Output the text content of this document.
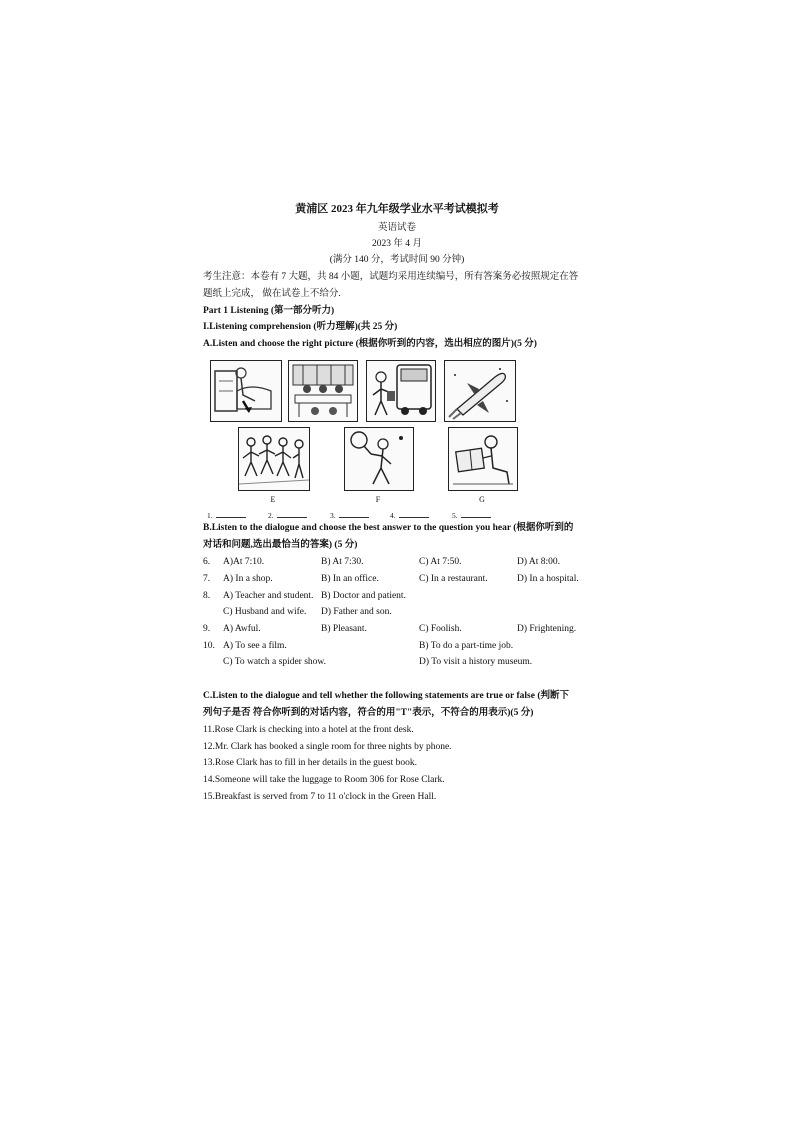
黄浦区 2023 年九年级学业水平考试模拟考
英语试卷
2023 年 4 月
(满分 140 分，考试时间 90 分钟)
考生注意：本卷有 7 大题，共 84 小题，试题均采用连续编号，所有答案务必按照规定在答
题纸上完成， 做在试卷上不给分.
Part 1 Listening (第一部分听力)
I.Listening comprehension (听力理解)(共 25 分)
A.Listen and choose the right picture (根据你听到的内容，选出相应的图片)(5 分)
E	F	G
1.	2.	3.	4.	5.
B.Listen to the dialogue and choose the best answer to the question you hear (根据你听到的
对话和问题,选出最恰当的答案) (5 分)
6. A)At 7:10.	B) At 7:30.	C) At 7:50.	D) At 8:00.
7. A) In a shop.	B) In an office.	C) In a restaurant.	D) In a hospital.
8. A) Teacher and student. B) Doctor and patient.
C) Husband and wife. D) Father and son.
9. A) Awful.	B) Pleasant.	C) Foolish.	D) Frightening.
10. A) To see a film.	B) To do a part-time job.
C) To watch a spider show.	D) To visit a history museum.
C.Listen to the dialogue and tell whether the following statements are true or false (判断下
列句子是否 符合你听到的对话内容，符合的用"T"表示，不符合的用表示)(5 分)
11.Rose Clark is checking into a hotel at the front desk.
12.Mr. Clark has booked a single room for three nights by phone.
13.Rose Clark has to fill in her details in the guest book.
14.Someone will take the luggage to Room 306 for Rose Clark.
15.Breakfast is served from 7 to 11 o'clock in the Green Hall.
